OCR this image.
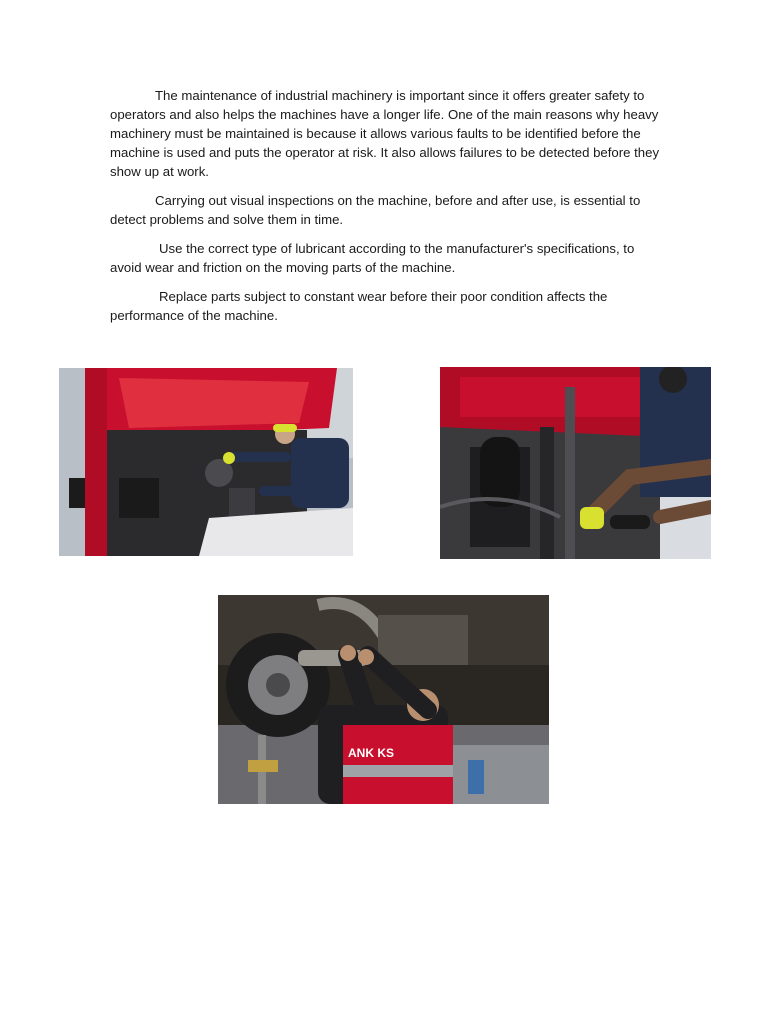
The maintenance of industrial machinery is important since it offers greater safety to operators and also helps the machines have a longer life. One of the main reasons why heavy machinery must be maintained is because it allows various faults to be identified before the machine is used and puts the operator at risk. It also allows failures to be detected before they show up at work.

Carrying out visual inspections on the machine, before and after use, is essential to detect problems and solve them in time.

Use the correct type of lubricant according to the manufacturer's specifications, to avoid wear and friction on the moving parts of the machine.

Replace parts subject to constant wear before their poor condition affects the performance of the machine.

ANK KS
